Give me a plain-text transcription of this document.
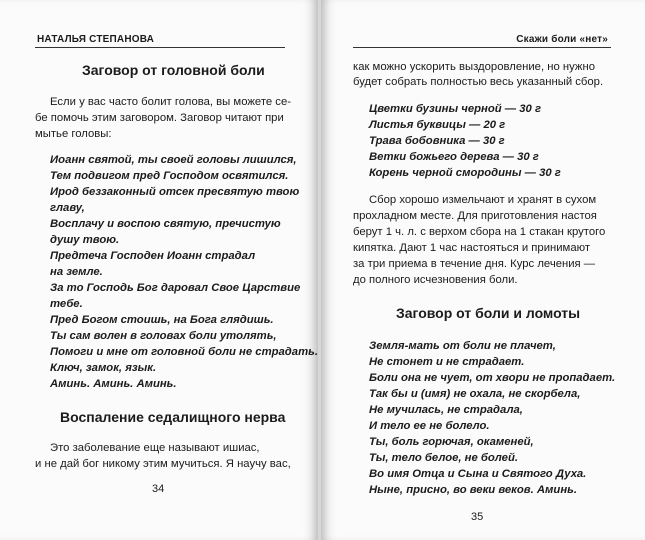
НАТАЛЬЯ СТЕПАНОВА
Заговор от головной боли
Если у вас часто болит голова, вы можете се-
бе помочь этим заговором. Заговор читают при
мытье головы:
Иоанн святой, ты своей головы лишился,
Тем подвигом пред Господом освятился.
Ирод беззаконный отсек пресвятую твою
главу,
Восплачу и воспою святую, пречистую
душу твою.
Предтеча Господен Иоанн страдал
на земле.
За то Господь Бог даровал Свое Царствие
тебе.
Пред Богом стоишь, на Бога глядишь.
Ты сам волен в головах боли утолять,
Помоги и мне от головной боли не страдать.
Ключ, замок, язык.
Аминь. Аминь. Аминь.
Воспаление седалищного нерва
Это заболевание еще называют ишиас,
и не дай бог никому этим мучиться. Я научу вас,
34
Скажи боли «нет»
как можно ускорить выздоровление, но нужно
будет собрать полностью весь указанный сбор.
Цветки бузины черной — 30 г
Листья буквицы — 20 г
Трава бобовника — 30 г
Ветки божьего дерева — 30 г
Корень черной смородины — 30 г
Сбор хорошо измельчают и хранят в сухом
прохладном месте. Для приготовления настоя
берут 1 ч. л. с верхом сбора на 1 стакан крутого
кипятка. Дают 1 час настояться и принимают
за три приема в течение дня. Курс лечения —
до полного исчезновения боли.
Заговор от боли и ломоты
Земля-мать от боли не плачет,
Не стонет и не страдает.
Боли она не чует, от хвори не пропадает.
Так бы и (имя) не охала, не скорбела,
Не мучилась, не страдала,
И тело ее не болело.
Ты, боль горючая, окаменей,
Ты, тело белое, не болей.
Во имя Отца и Сына и Святого Духа.
Ныне, присно, во веки веков. Аминь.
35
